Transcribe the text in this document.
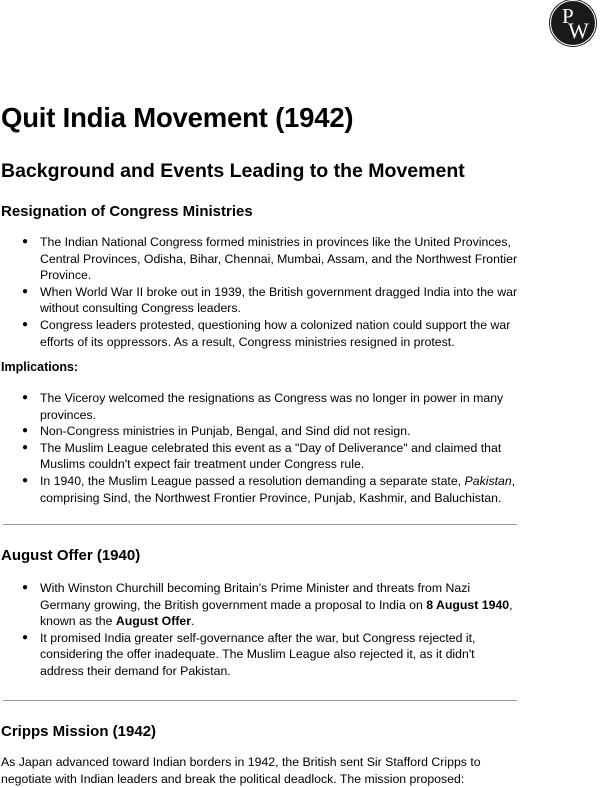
P
W
Quit India Movement (1942)
Background and Events Leading to the Movement
Resignation of Congress Ministries
● The Indian National Congress formed ministries in provinces like the United Provinces, Central Provinces, Odisha, Bihar, Chennai, Mumbai, Assam, and the Northwest Frontier Province.
● When World War II broke out in 1939, the British government dragged India into the war without consulting Congress leaders.
● Congress leaders protested, questioning how a colonized nation could support the war efforts of its oppressors. As a result, Congress ministries resigned in protest.
Implications:
● The Viceroy welcomed the resignations as Congress was no longer in power in many provinces.
● Non-Congress ministries in Punjab, Bengal, and Sind did not resign.
● The Muslim League celebrated this event as a "Day of Deliverance" and claimed that Muslims couldn't expect fair treatment under Congress rule.
● In 1940, the Muslim League passed a resolution demanding a separate state, Pakistan, comprising Sind, the Northwest Frontier Province, Punjab, Kashmir, and Baluchistan.
August Offer (1940)
● With Winston Churchill becoming Britain's Prime Minister and threats from Nazi Germany growing, the British government made a proposal to India on 8 August 1940, known as the August Offer.
● It promised India greater self-governance after the war, but Congress rejected it, considering the offer inadequate. The Muslim League also rejected it, as it didn't address their demand for Pakistan.
Cripps Mission (1942)

As Japan advanced toward Indian borders in 1942, the British sent Sir Stafford Cripps to negotiate with Indian leaders and break the political deadlock. The mission proposed:
